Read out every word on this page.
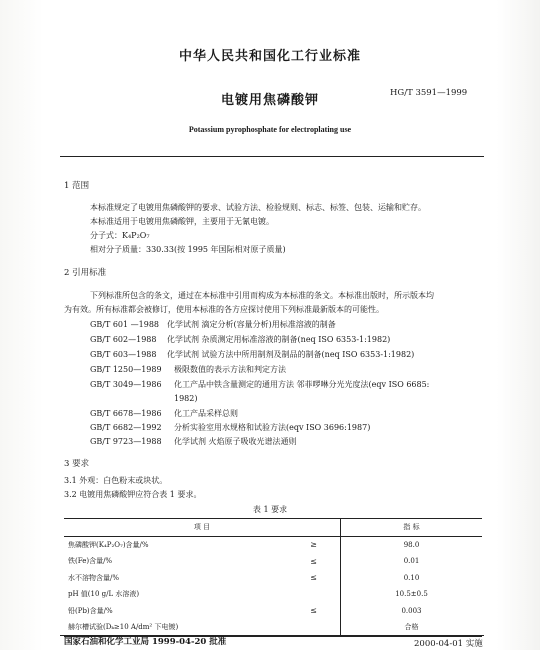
中华人民共和国化工行业标准
HG/T 3591—1999
电镀用焦磷酸钾
Potassium pyrophosphate for electroplating use
1 范围
本标准规定了电镀用焦磷酸钾的要求、试验方法、检验规则、标志、标签、包装、运输和贮存。
本标准适用于电镀用焦磷酸钾，主要用于无氰电镀。
分子式：K₄P₂O₇
相对分子质量：330.33(按 1995 年国际相对原子质量)
2 引用标准
下列标准所包含的条文，通过在本标准中引用而构成为本标准的条文。本标准出版时，所示版本均
为有效。所有标准都会被修订，使用本标准的各方应探讨使用下列标准最新版本的可能性。
GB/T 601 —1988 化学试剂 滴定分析(容量分析)用标准溶液的制备
GB/T 602—1988 化学试剂 杂质测定用标准溶液的制备(neq ISO 6353-1:1982)
GB/T 603—1988 化学试剂 试验方法中所用制剂及制品的制备(neq ISO 6353-1:1982)
GB/T 1250—1989 极限数值的表示方法和判定方法
GB/T 3049—1986 化工产品中铁含量测定的通用方法 邻菲啰啉分光光度法(eqv ISO 6685:
1982)
GB/T 6678—1986 化工产品采样总则
GB/T 6682—1992 分析实验室用水规格和试验方法(eqv ISO 3696:1987)
GB/T 9723—1988 化学试剂 火焰原子吸收光谱法通则
3 要求
3.1 外观：白色粉末或块状。
3.2 电镀用焦磷酸钾应符合表 1 要求。
表 1 要求
项 目		指 标
焦磷酸钾(K₄P₂O₇)含量/%	≥	98.0
铁(Fe)含量/%	≤	0.01
水不溶物含量/%	≤	0.10
pH 值(10 g/L 水溶液)		10.5±0.5
铅(Pb)含量/%	≤	0.003
赫尔槽试验(Dₖ≥10 A/dm² 下电镀)		合格
国家石油和化学工业局 1999-04-20 批准	2000-04-01 实施
